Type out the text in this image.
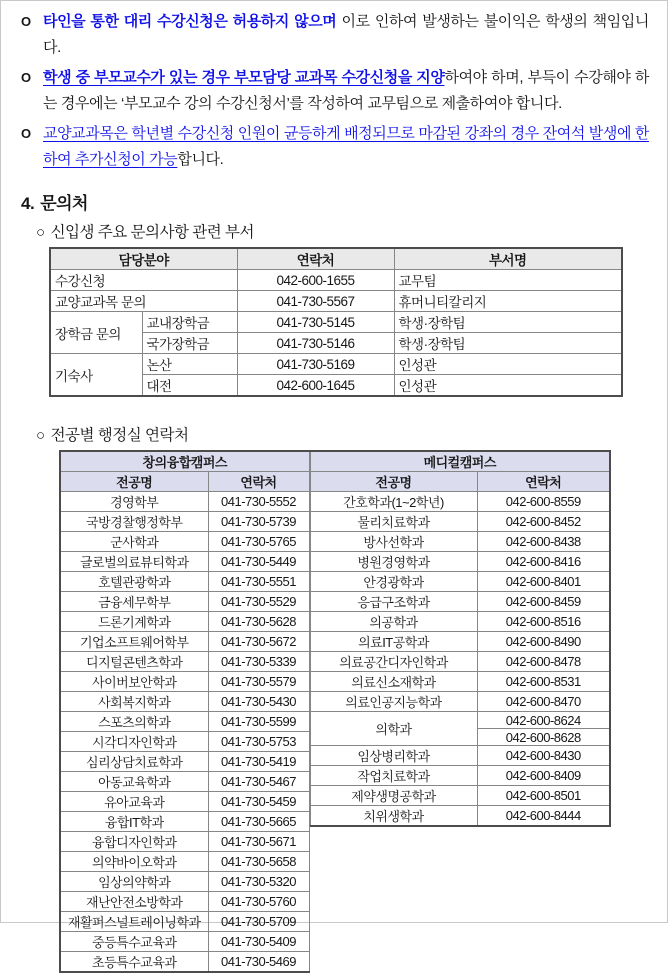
O 타인을 통한 대리 수강신청은 허용하지 않으며 이로 인하여 발생하는 불이익은 학생의 책임입니다.

O 학생 중 부모교수가 있는 경우 부모담당 교과목 수강신청을 지양하여야 하며, 부득이 수강해야 하는 경우에는 ‘부모교수 강의 수강신청서’를 작성하여 교무팀으로 제출하여야 합니다.

O 교양교과목은 학년별 수강신청 인원이 균등하게 배정되므로 마감된 강좌의 경우 잔여석 발생에 한하여 추가신청이 가능합니다.

4. 문의처
○ 신입생 주요 문의사항 관련 부서
담당분야		연락처	부서명
수강신청		042-600-1655	교무팀
교양교과목 문의		041-730-5567	휴머니티칼리지
장학금 문의	교내장학금	041-730-5145	학생·장학팀
	국가장학금	041-730-5146	학생·장학팀
기숙사	논산	041-730-5169	인성관
	대전	042-600-1645	인성관
○ 전공별 행정실 연락처
창의융합캠퍼스	
전공명	연락처
경영학부	041-730-5552
국방경찰행정학부	041-730-5739
군사학과	041-730-5765
글로벌의료뷰티학과	041-730-5449
호텔관광학과	041-730-5551
금융세무학부	041-730-5529
드론기계학과	041-730-5628
기업소프트웨어학부	041-730-5672
디지털콘텐츠학과	041-730-5339
사이버보안학과	041-730-5579
사회복지학과	041-730-5430
스포츠의학과	041-730-5599
시각디자인학과	041-730-5753
심리상담치료학과	041-730-5419
아동교육학과	041-730-5467
유아교육과	041-730-5459
융합IT학과	041-730-5665
융합디자인학과	041-730-5671
의약바이오학과	041-730-5658
임상의약학과	041-730-5320
재난안전소방학과	041-730-5760
재활퍼스널트레이닝학과	041-730-5709
중등특수교육과	041-730-5409
초등특수교육과	041-730-5469
메디컬캠퍼스	
전공명	연락처
간호학과(1~2학년)	042-600-8559
물리치료학과	042-600-8452
방사선학과	042-600-8438
병원경영학과	042-600-8416
안경광학과	042-600-8401
응급구조학과	042-600-8459
의공학과	042-600-8516
의료IT공학과	042-600-8490
의료공간디자인학과	042-600-8478
의료신소재학과	042-600-8531
의료인공지능학과	042-600-8470
의학과	042-600-8624
	042-600-8628
임상병리학과	042-600-8430
작업치료학과	042-600-8409
제약생명공학과	042-600-8501
치위생학과	042-600-8444
